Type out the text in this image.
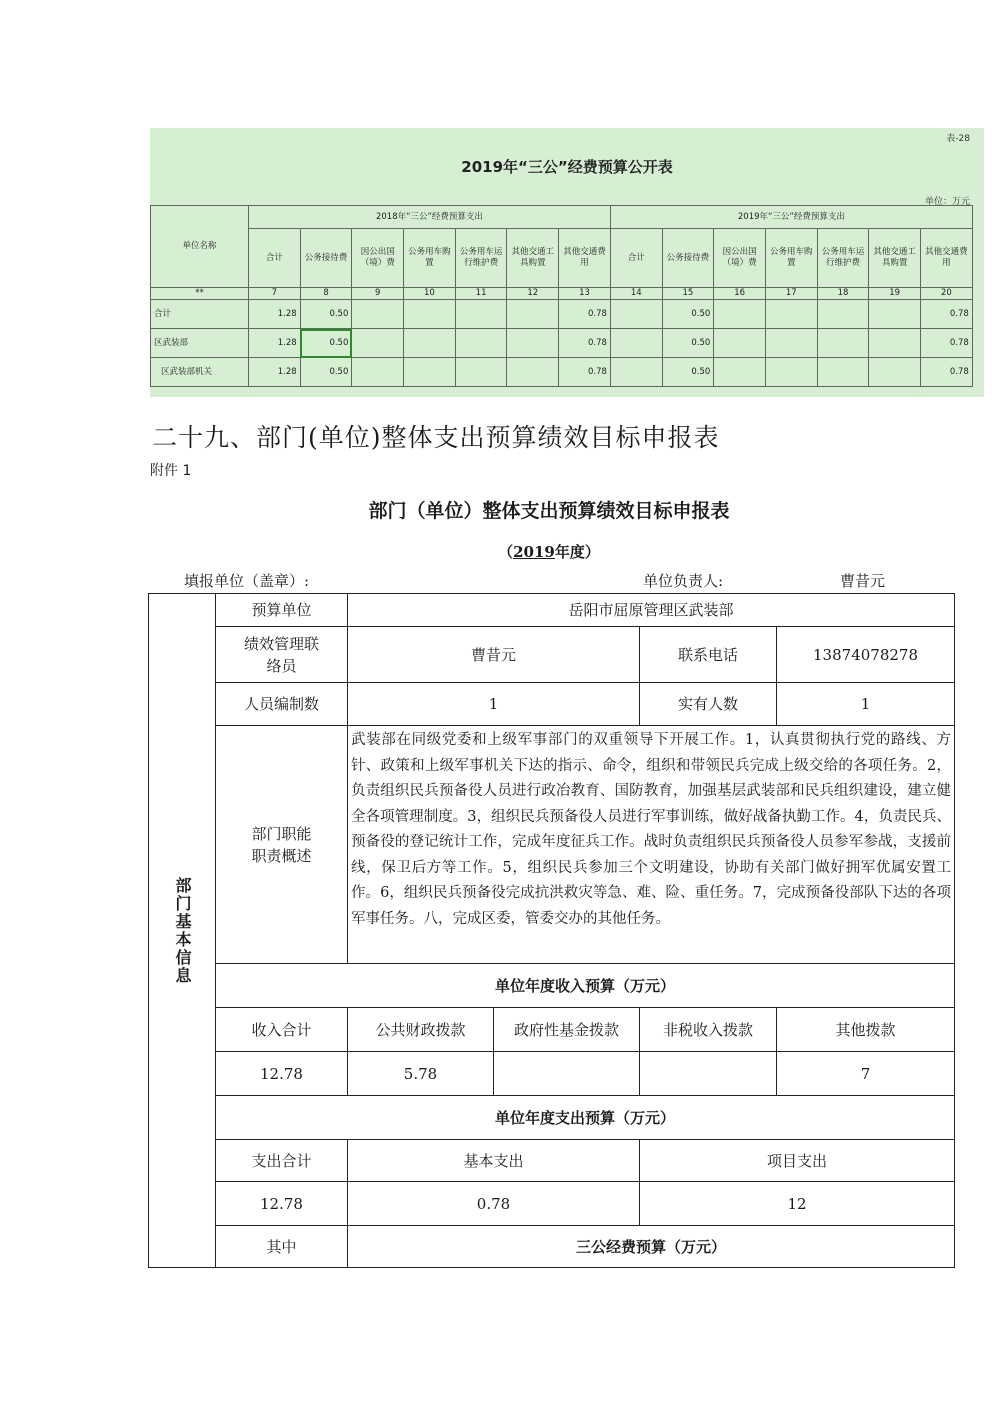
表-28
2019年“三公”经费预算公开表
单位：万元
单位名称	2018年“三公”经费预算支出							2019年“三公”经费预算支出						
	合计	公务接待费	因公出国（境）费	公务用车购置	公务用车运行维护费	其他交通工具购置	其他交通费用	合计	公务接待费	因公出国（境）费	公务用车购置	公务用车运行维护费	其他交通工具购置	其他交通费用
**	7	8	9	10	11	12	13	14	15	16	17	18	19	20
合计	1.28	0.50					0.78		0.50					0.78
区武装部	1.28	0.50					0.78		0.50					0.78
区武装部机关	1.28	0.50					0.78		0.50					0.78
二十九、部门(单位)整体支出预算绩效目标申报表
附件 1
部门（单位）整体支出预算绩效目标申报表
（2019年度）
填报单位（盖章）:	单位负责人:	曹昔元
部门基本信息	预算单位	岳阳市屈原管理区武装部			
	绩效管理联络员	曹昔元		联系电话	13874078278
	人员编制数	1		实有人数	1
	部门职能职责概述	武装部在同级党委和上级军事部门的双重领导下开展工作。1，认真贯彻执行党的路线、方针、政策和上级军事机关下达的指示、命令，组织和带领民兵完成上级交给的各项任务。2，负责组织民兵预备役人员进行政冶教育、国防教育，加强基层武装部和民兵组织建设，建立健全各项管理制度。3，组织民兵预备役人员进行军事训练，做好战备执勤工作。4，负责民兵、预备役的登记统计工作，完成年度征兵工作。战时负责组织民兵预备役人员参军参战，支援前线，保卫后方等工作。5，组织民兵参加三个文明建设，协助有关部门做好拥军优属安置工作。6，组织民兵预备役完成抗洪救灾等急、难、险、重任务。7，完成预备役部队下达的各项军事任务。八，完成区委，管委交办的其他任务。			
	单位年度收入预算（万元）				
	收入合计	公共财政拨款	政府性基金拨款	非税收入拨款	其他拨款
	12.78	5.78			7
	单位年度支出预算（万元）				
	支出合计	基本支出		项目支出	
	12.78	0.78		12	
	其中	三公经费预算（万元）			
